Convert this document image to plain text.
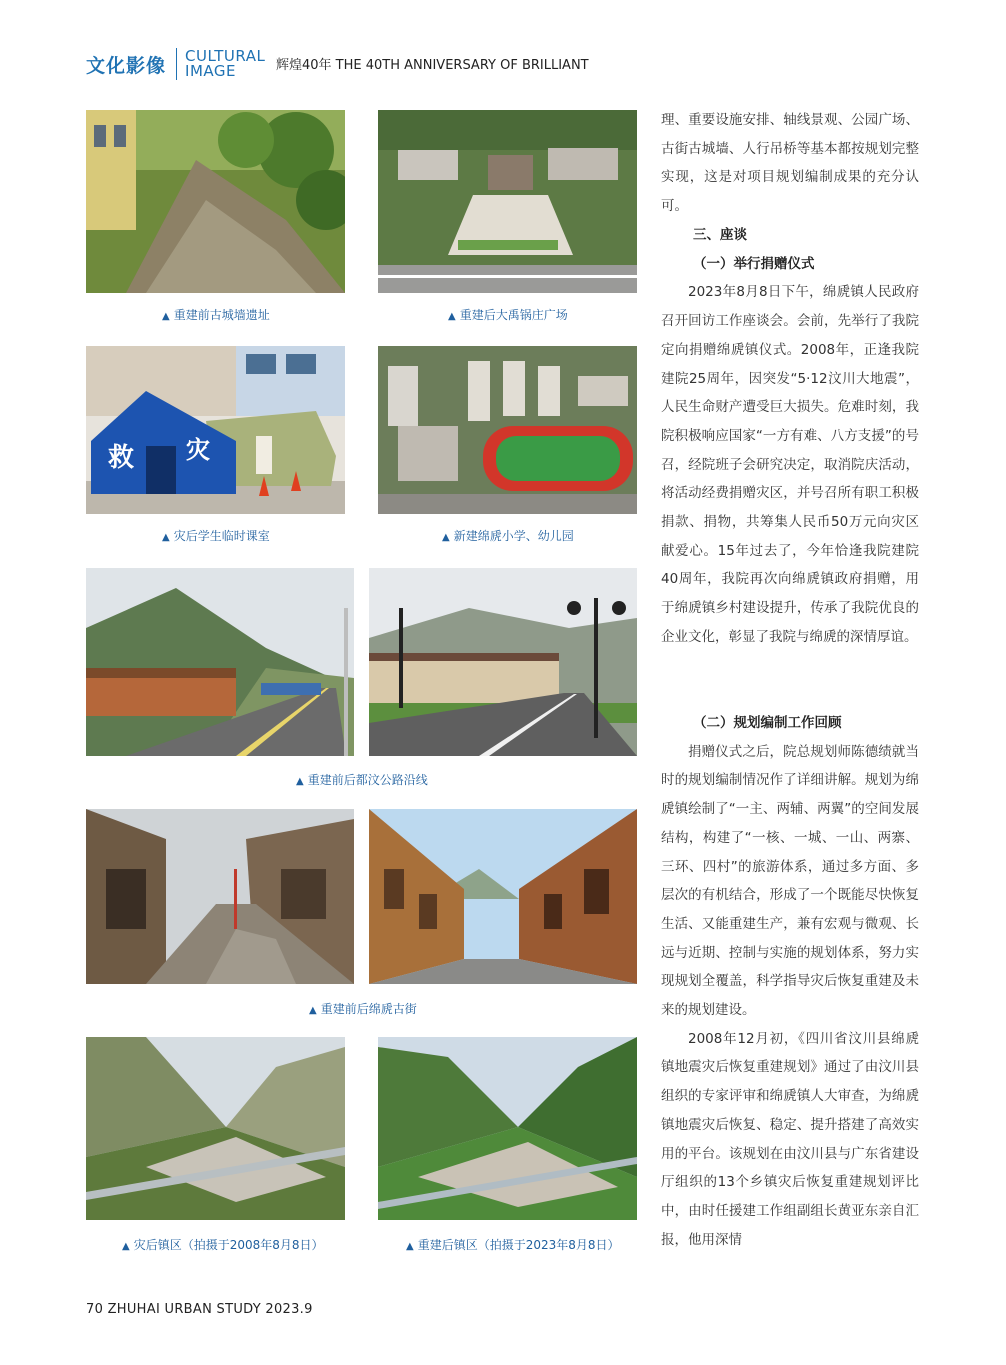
文化影像 CULTURAL
IMAGE	辉煌40年 THE 40TH ANNIVERSARY OF BRILLIANT
▲ 重建前古城墙遗址	▲ 重建后大禹锅庄广场
救 灾
▲ 灾后学生临时课室	▲ 新建绵虒小学、幼儿园
▲ 重建前后都汶公路沿线
▲ 重建前后绵虒古街
▲ 灾后镇区（拍摄于2008年8月8日）	▲ 重建后镇区（拍摄于2023年8月8日）

理、重要设施安排、轴线景观、公园广场、古街古城墙、人行吊桥等基本都按规划完整实现，这是对项目规划编制成果的充分认可。

三、座谈
（一）举行捐赠仪式

2023年8月8日下午，绵虒镇人民政府召开回访工作座谈会。会前，先举行了我院定向捐赠绵虒镇仪式。2008年，正逢我院建院25周年，因突发“5·12汶川大地震”，人民生命财产遭受巨大损失。危难时刻，我院积极响应国家“一方有难、八方支援”的号召，经院班子会研究决定，取消院庆活动，将活动经费捐赠灾区，并号召所有职工积极捐款、捐物，共筹集人民币50万元向灾区献爱心。15年过去了，今年恰逢我院建院40周年，我院再次向绵虒镇政府捐赠，用于绵虒镇乡村建设提升，传承了我院优良的企业文化，彰显了我院与绵虒的深情厚谊。

（二）规划编制工作回顾

捐赠仪式之后，院总规划师陈德绩就当时的规划编制情况作了详细讲解。规划为绵虒镇绘制了“一主、两辅、两翼”的空间发展结构，构建了“一核、一城、一山、两寨、三环、四村”的旅游体系，通过多方面、多层次的有机结合，形成了一个既能尽快恢复生活、又能重建生产，兼有宏观与微观、长远与近期、控制与实施的规划体系，努力实现规划全覆盖，科学指导灾后恢复重建及未来的规划建设。

2008年12月初，《四川省汶川县绵虒镇地震灾后恢复重建规划》通过了由汶川县组织的专家评审和绵虒镇人大审查，为绵虒镇地震灾后恢复、稳定、提升搭建了高效实用的平台。该规划在由汶川县与广东省建设厅组织的13个乡镇灾后恢复重建规划评比中，由时任援建工作组副组长黄亚东亲自汇报，他用深情

70 ZHUHAI URBAN STUDY 2023.9
